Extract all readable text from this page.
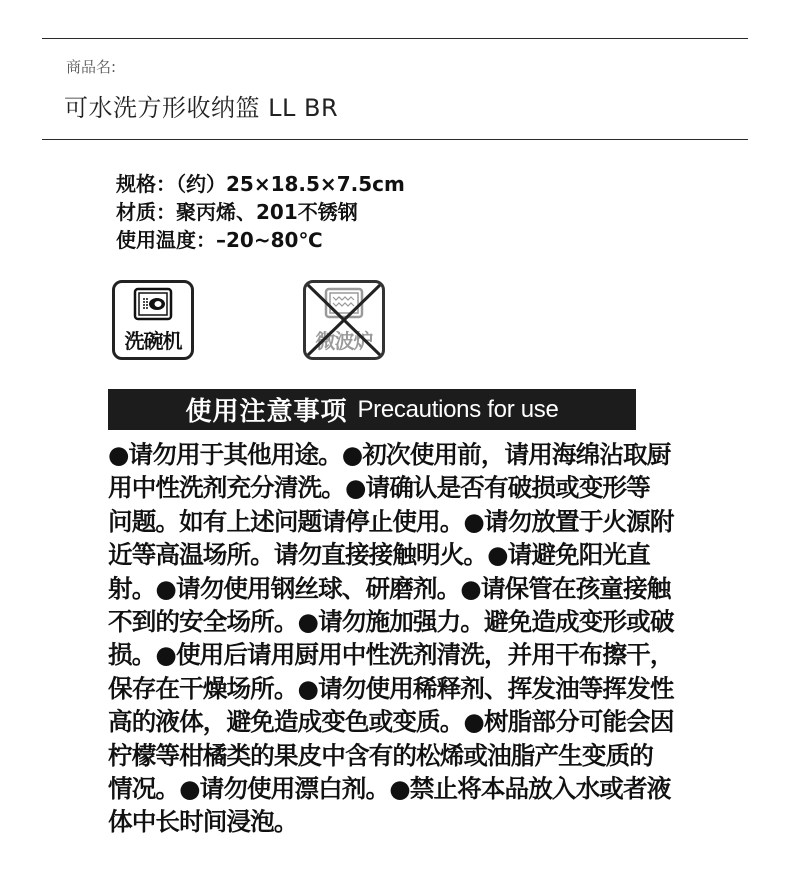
商品名:
可水洗方形收纳篮 LL BR
规格：（约）25×18.5×7.5cm
材质：聚丙烯、201不锈钢
使用温度：–20~80℃
洗碗机	微波炉
使用注意事项 Precautions for use
●请勿用于其他用途。●初次使用前，请用海绵沾取厨
用中性洗剂充分清洗。●请确认是否有破损或变形等
问题。如有上述问题请停止使用。●请勿放置于火源附
近等高温场所。请勿直接接触明火。●请避免阳光直
射。●请勿使用钢丝球、研磨剂。●请保管在孩童接触
不到的安全场所。●请勿施加强力。避免造成变形或破
损。●使用后请用厨用中性洗剂清洗，并用干布擦干，
保存在干燥场所。●请勿使用稀释剂、挥发油等挥发性
高的液体，避免造成变色或变质。●树脂部分可能会因
柠檬等柑橘类的果皮中含有的松烯或油脂产生变质的
情况。●请勿使用漂白剂。●禁止将本品放入水或者液
体中长时间浸泡。
